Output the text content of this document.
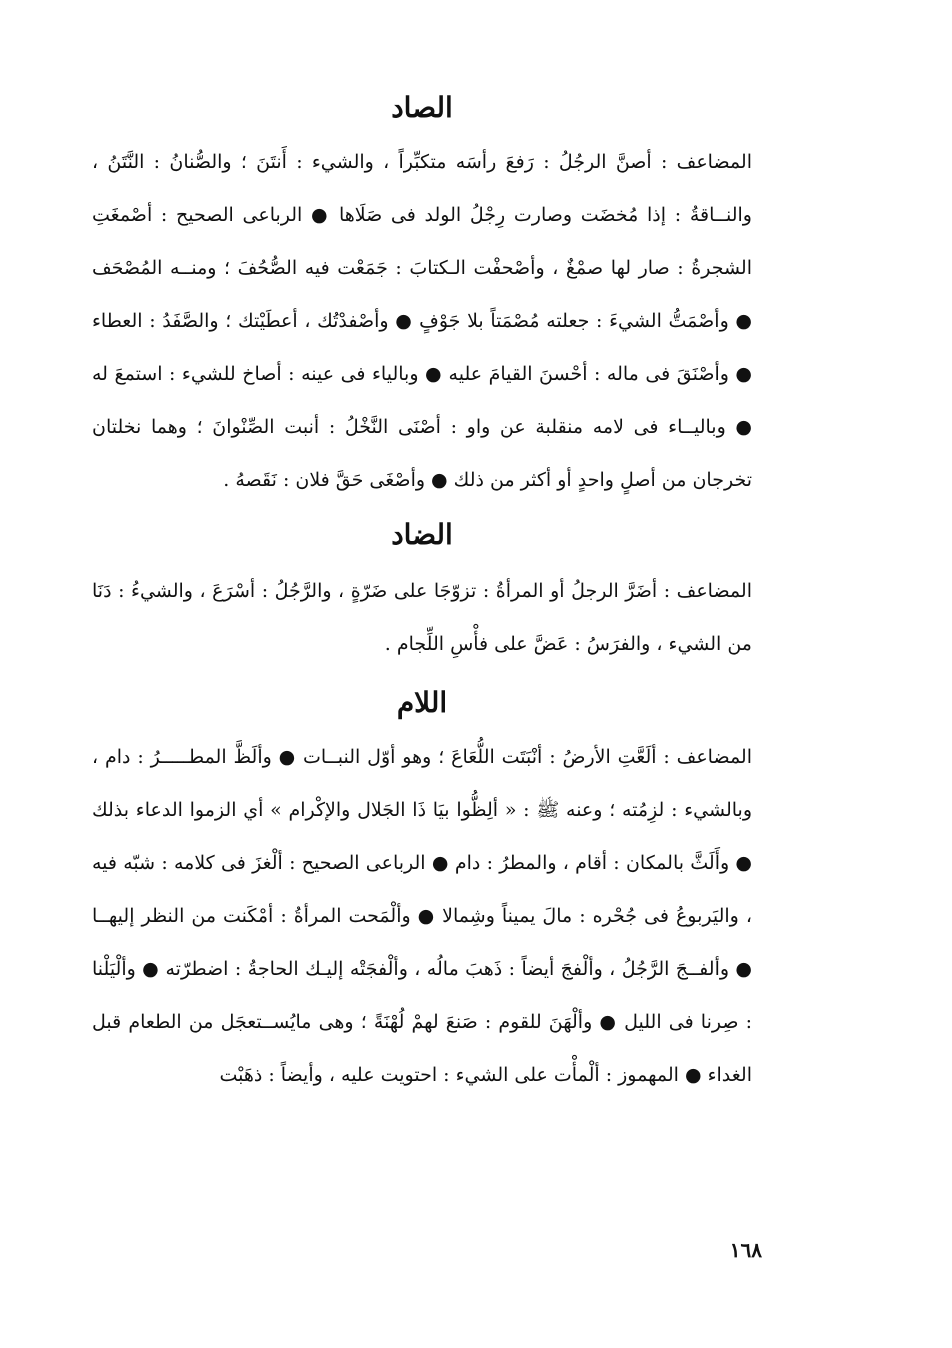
الصاد

المضاعف : أصنَّ الرجُلُ : رَفعَ رأسَه متكبِّراً ، والشيء : أَنتَنَ ؛ والصُّنانُ : النَّتَنُ ، والنــاقةُ : إذا مُخضَت وصارت رِجْلُ الولد فى صَلَاها ● الرباعى الصحيح : أصْمغَتِ الشجرةُ : صار لها صمْغٌ ، وأصْحفْت الـكتابَ : جَمَعْت فيه الصُّحُفَ ؛ ومنــه المُصْحَف ● وأصْمَتُّ الشيءَ : جعلته مُصْمَتاً بلا جَوْفٍ ● وأصْفدْتُك ، أعطَيْتك ؛ والصَّفَدُ : العطاء ● وأصْنَقَ فى ماله : أحْسنَ القيامَ عليه ● وبالياء فى عينه : أصاخ للشيء : استمعَ له ● وباليــاء فى لامه منقلبة عن واو : أصْنَى النَّخْلُ : أنبت الصِّنْوانَ ؛ وهما نخلتان تخرجان من أصلٍ واحدٍ أو أكثر من ذلك ● وأصْغَى حَقَّ فلان : نَقَصهُ .

الضاد

المضاعف : أضَرَّ الرجلُ أو المرأةُ : تزوّجَا على ضَرّةٍ ، والرَّجُلُ : أسْرَعَ ، والشيءُ : دَنَا من الشيء ، والفرَسُ : عَضَّ على فأْسِ اللِّجام .

اللام

المضاعف : ألَعَّتِ الأرضُ : أنْبَتَت اللُّعَاعَ ؛ وهو أوّل النبــات ● وألَظَّ المطـــــرُ : دام ، وبالشيء : لزِمُته ؛ وعنه ﷺ : « ألِظُّوا بيَا ذَا الجَلال والإكْرام » أي الزموا الدعاء بذلك ● وأَلَثَّ بالمكان : أقام ، والمطرُ : دام ● الرباعى الصحيح : ألْغزَ فى كلامه : شبّه فيه ، واليَربوعُ فى جُحْره : مالَ يميناً وشِمالا ● وألْمَحت المرأةُ : أمْكَنت من النظر إليهــا ● وألفــجَ الرَّجُلُ ، وألْفجَ أيضاً : ذَهبَ مالُه ، وألْفجَتْه إليـك الحاجةُ : اضطرّته ● وألْيَلْنا : صِرنا فى الليل ● وألْهَنَ للقوم : صَنعَ لهمْ لُهْنَةً ؛ وهى مايُســتعجَل من الطعام قبل الغداء ● المهموز : ألْمأْت على الشيء : احتويت عليه ، وأيضاً : ذهَبْت

١٦٨
